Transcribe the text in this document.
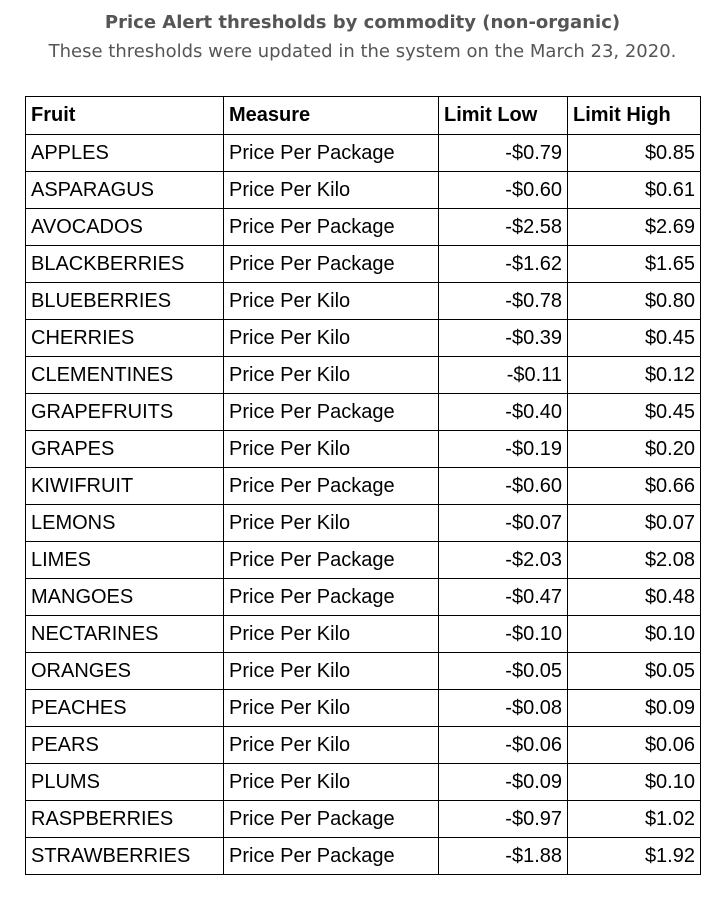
Price Alert thresholds by commodity (non-organic)
These thresholds were updated in the system on the March 23, 2020.
Fruit	Measure	Limit Low	Limit High
APPLES	Price Per Package	-$0.79	$0.85
ASPARAGUS	Price Per Kilo	-$0.60	$0.61
AVOCADOS	Price Per Package	-$2.58	$2.69
BLACKBERRIES	Price Per Package	-$1.62	$1.65
BLUEBERRIES	Price Per Kilo	-$0.78	$0.80
CHERRIES	Price Per Kilo	-$0.39	$0.45
CLEMENTINES	Price Per Kilo	-$0.11	$0.12
GRAPEFRUITS	Price Per Package	-$0.40	$0.45
GRAPES	Price Per Kilo	-$0.19	$0.20
KIWIFRUIT	Price Per Package	-$0.60	$0.66
LEMONS	Price Per Kilo	-$0.07	$0.07
LIMES	Price Per Package	-$2.03	$2.08
MANGOES	Price Per Package	-$0.47	$0.48
NECTARINES	Price Per Kilo	-$0.10	$0.10
ORANGES	Price Per Kilo	-$0.05	$0.05
PEACHES	Price Per Kilo	-$0.08	$0.09
PEARS	Price Per Kilo	-$0.06	$0.06
PLUMS	Price Per Kilo	-$0.09	$0.10
RASPBERRIES	Price Per Package	-$0.97	$1.02
STRAWBERRIES	Price Per Package	-$1.88	$1.92
